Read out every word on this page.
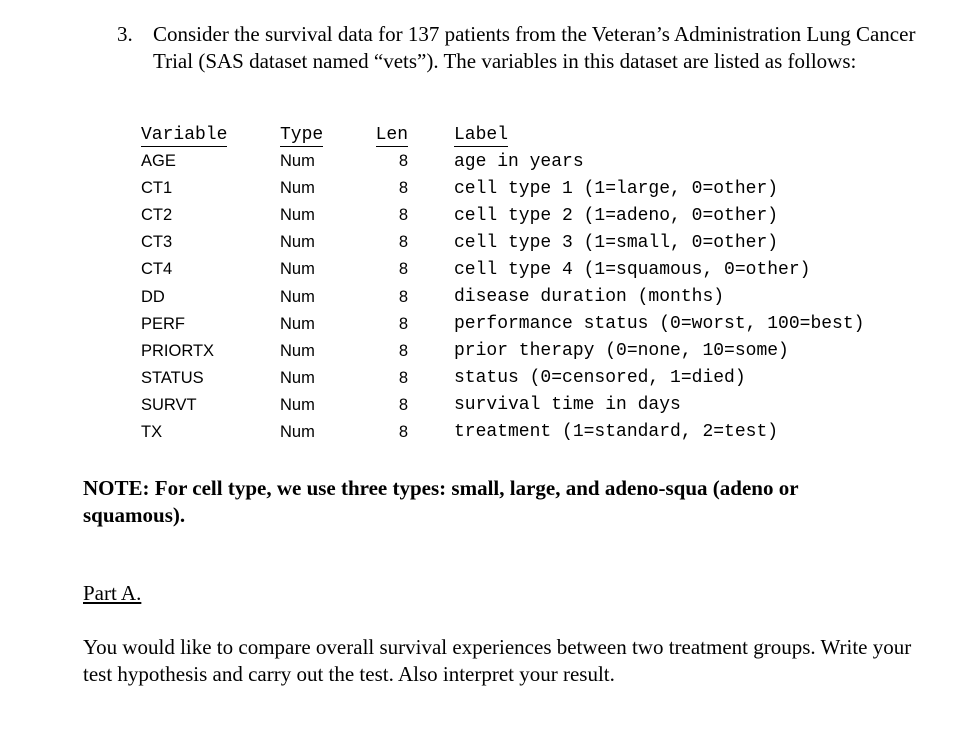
3. Consider the survival data for 137 patients from the Veteran’s Administration Lung Cancer Trial (SAS dataset named “vets”). The variables in this dataset are listed as follows:
Variable	Type	Len		Label
AGE	Num	8		age in years
CT1	Num	8		cell type 1 (1=large, 0=other)
CT2	Num	8		cell type 2 (1=adeno, 0=other)
CT3	Num	8		cell type 3 (1=small, 0=other)
CT4	Num	8		cell type 4 (1=squamous, 0=other)
DD	Num	8		disease duration (months)
PERF	Num	8		performance status (0=worst, 100=best)
PRIORTX	Num	8		prior therapy (0=none, 10=some)
STATUS	Num	8		status (0=censored, 1=died)
SURVT	Num	8		survival time in days
TX	Num	8		treatment (1=standard, 2=test)
NOTE: For cell type, we use three types: small, large, and adeno-squa (adeno or squamous).
Part A.
You would like to compare overall survival experiences between two treatment groups. Write your test hypothesis and carry out the test. Also interpret your result.
